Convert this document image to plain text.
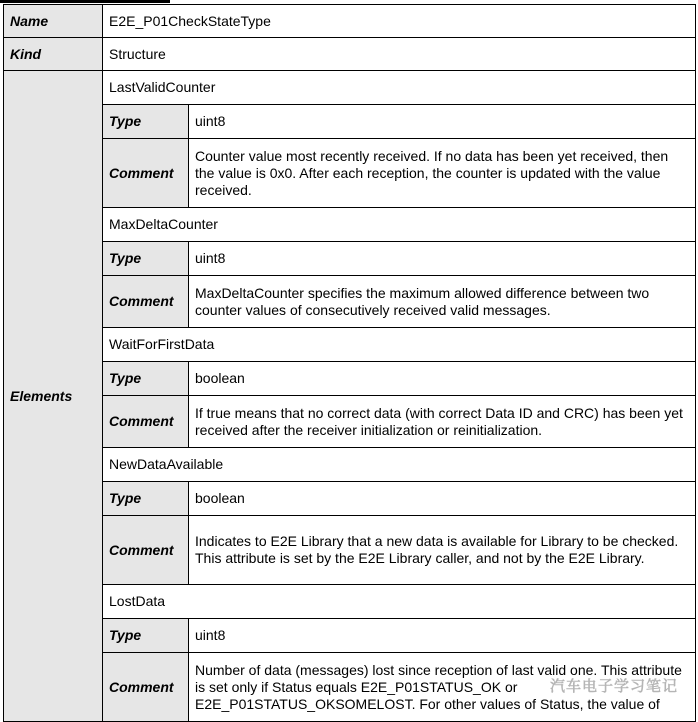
Name	E2E_P01CheckStateType	
Kind	Structure	
Elements	LastValidCounter	
	Type	uint8
	Comment	Counter value most recently received. If no data has been yet received, then the value is 0x0. After each reception, the counter is updated with the value received.
	MaxDeltaCounter	
	Type	uint8
	Comment	MaxDeltaCounter specifies the maximum allowed difference between two counter values of consecutively received valid messages.
	WaitForFirstData	
	Type	boolean
	Comment	If true means that no correct data (with correct Data ID and CRC) has been yet received after the receiver initialization or reinitialization.
	NewDataAvailable	
	Type	boolean
	Comment	Indicates to E2E Library that a new data is available for Library to be checked. This attribute is set by the E2E Library caller, and not by the E2E Library.
	LostData	
	Type	uint8
	Comment	Number of data (messages) lost since reception of last valid one. This attribute is set only if Status equals E2E_P01STATUS_OK or E2E_P01STATUS_OKSOMELOST. For other values of Status, the value of
汽车电子学习笔记
